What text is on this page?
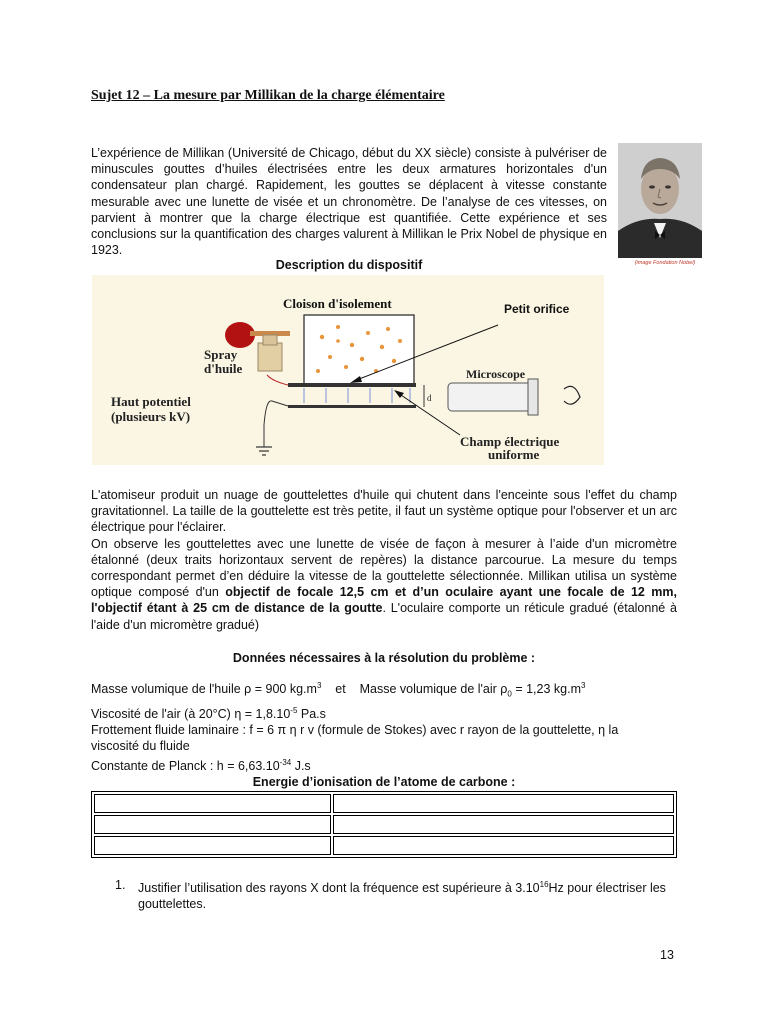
Sujet 12 – La mesure par Millikan de la charge élémentaire
L’expérience de Millikan (Université de Chicago, début du XX siècle) consiste à pulvériser de minuscules gouttes d’huiles électrisées entre les deux armatures horizontales d'un condensateur plan chargé. Rapidement, les gouttes se déplacent à vitesse constante mesurable avec une lunette de visée et un chronomètre. De l’analyse de ces vitesses, on parvient à montrer que la charge électrique est quantifiée. Cette expérience et ses conclusions sur la quantification des charges valurent à Millikan le Prix Nobel de physique en 1923.
(image Fondation Nobel)
Description du dispositif
d
Cloison d'isolement	Petit orifice
Spray
d'huile
Haut potentiel
(plusieurs kV)
Microscope
Champ électrique
uniforme
L'atomiseur produit un nuage de gouttelettes d'huile qui chutent dans l'enceinte sous l'effet du champ gravitationnel. La taille de la gouttelette est très petite, il faut un système optique pour l'observer et un arc électrique pour l'éclairer.
On observe les gouttelettes avec une lunette de visée de façon à mesurer à l’aide d'un micromètre étalonné (deux traits horizontaux servent de repères) la distance parcourue. La mesure du temps correspondant permet d’en déduire la vitesse de la gouttelette sélectionnée. Millikan utilisa un système optique composé d'un objectif de focale 12,5 cm et d’un oculaire ayant une focale de 12 mm, l'objectif étant à 25 cm de distance de la goutte. L'oculaire comporte un réticule gradué (étalonné à l'aide d'un micromètre gradué)
Données nécessaires à la résolution du problème :
Masse volumique de l'huile ρ = 900 $kg.m^3$ et Masse volumique de l'air $\rho_0 = 1,23$ $kg.m^3$
Viscosité de l'air (à 20°C) $\eta = 1,8.10^{-5}$ Pa.s
Frottement fluide laminaire : f = 6 π η r v (formule de Stokes) avec r rayon de la gouttelette, η la viscosité du fluide
Constante de Planck : $h = 6,63.10^{-34}$ J.s
Energie d’ionisation de l’atome de carbone :

1. Justifier l’utilisation des rayons X dont la fréquence est supérieure à 3.10$^{16}$Hz pour électriser les gouttelettes.
13
